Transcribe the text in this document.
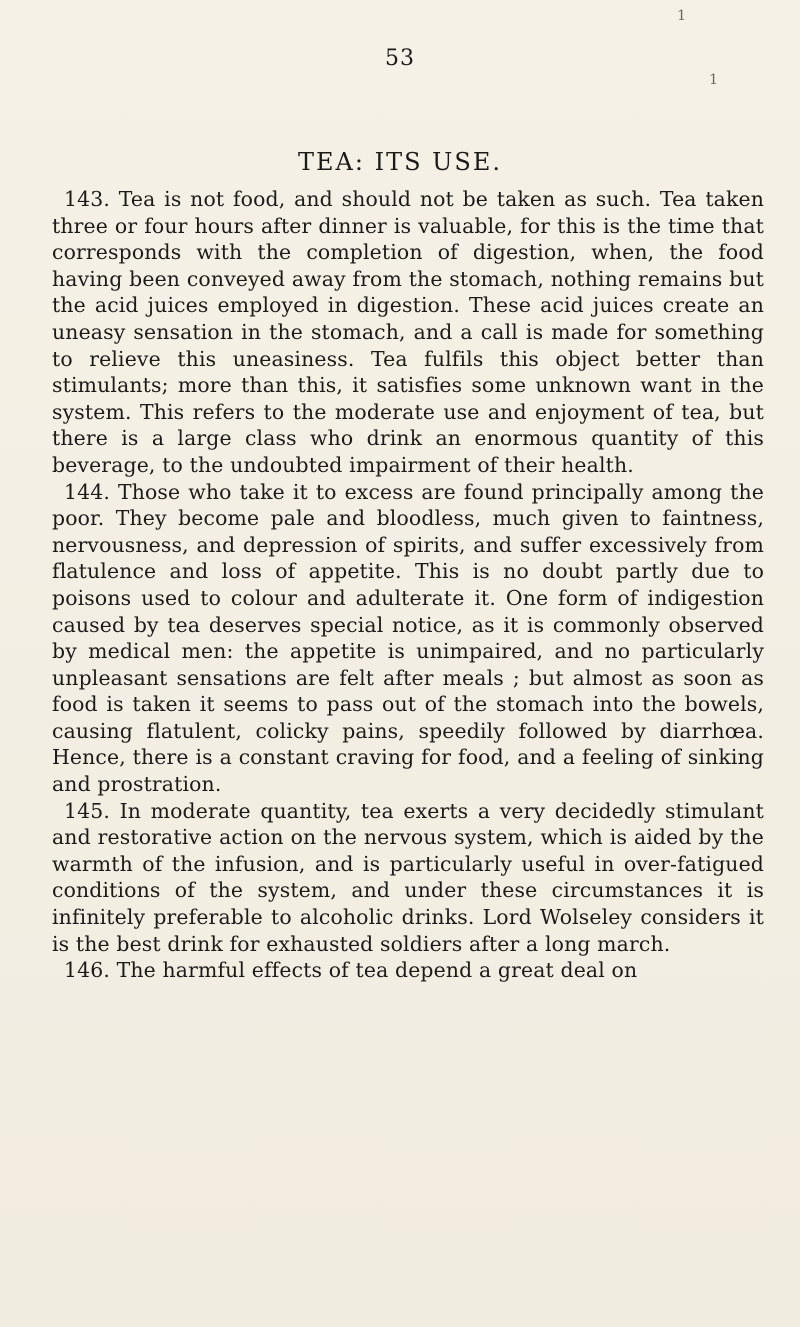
1
53
1
TEA: ITS USE.

143. Tea is not food, and should not be taken as such. Tea taken three or four hours after dinner is valuable, for this is the time that corresponds with the completion of digestion, when, the food having been conveyed away from the stomach, nothing remains but the acid juices employed in digestion. These acid juices create an uneasy sensation in the stomach, and a call is made for something to relieve this uneasiness. Tea fulfils this object better than stimulants; more than this, it satisfies some unknown want in the system. This refers to the moderate use and enjoyment of tea, but there is a large class who drink an enormous quantity of this beverage, to the undoubted impairment of their health.

144. Those who take it to excess are found principally among the poor. They become pale and bloodless, much given to faintness, nervousness, and depression of spirits, and suffer excessively from flatulence and loss of appetite. This is no doubt partly due to poisons used to colour and adulterate it. One form of indigestion caused by tea deserves special notice, as it is commonly observed by medical men: the appetite is unimpaired, and no particularly unpleasant sensations are felt after meals ; but almost as soon as food is taken it seems to pass out of the stomach into the bowels, causing flatulent, colicky pains, speedily followed by diarrhœa. Hence, there is a constant craving for food, and a feeling of sinking and prostration.

145. In moderate quantity, tea exerts a very decidedly stimulant and restorative action on the nervous system, which is aided by the warmth of the infusion, and is particularly useful in over-fatigued conditions of the system, and under these circumstances it is infinitely preferable to alcoholic drinks. Lord Wolseley considers it is the best drink for exhausted soldiers after a long march.

146. The harmful effects of tea depend a great deal on
